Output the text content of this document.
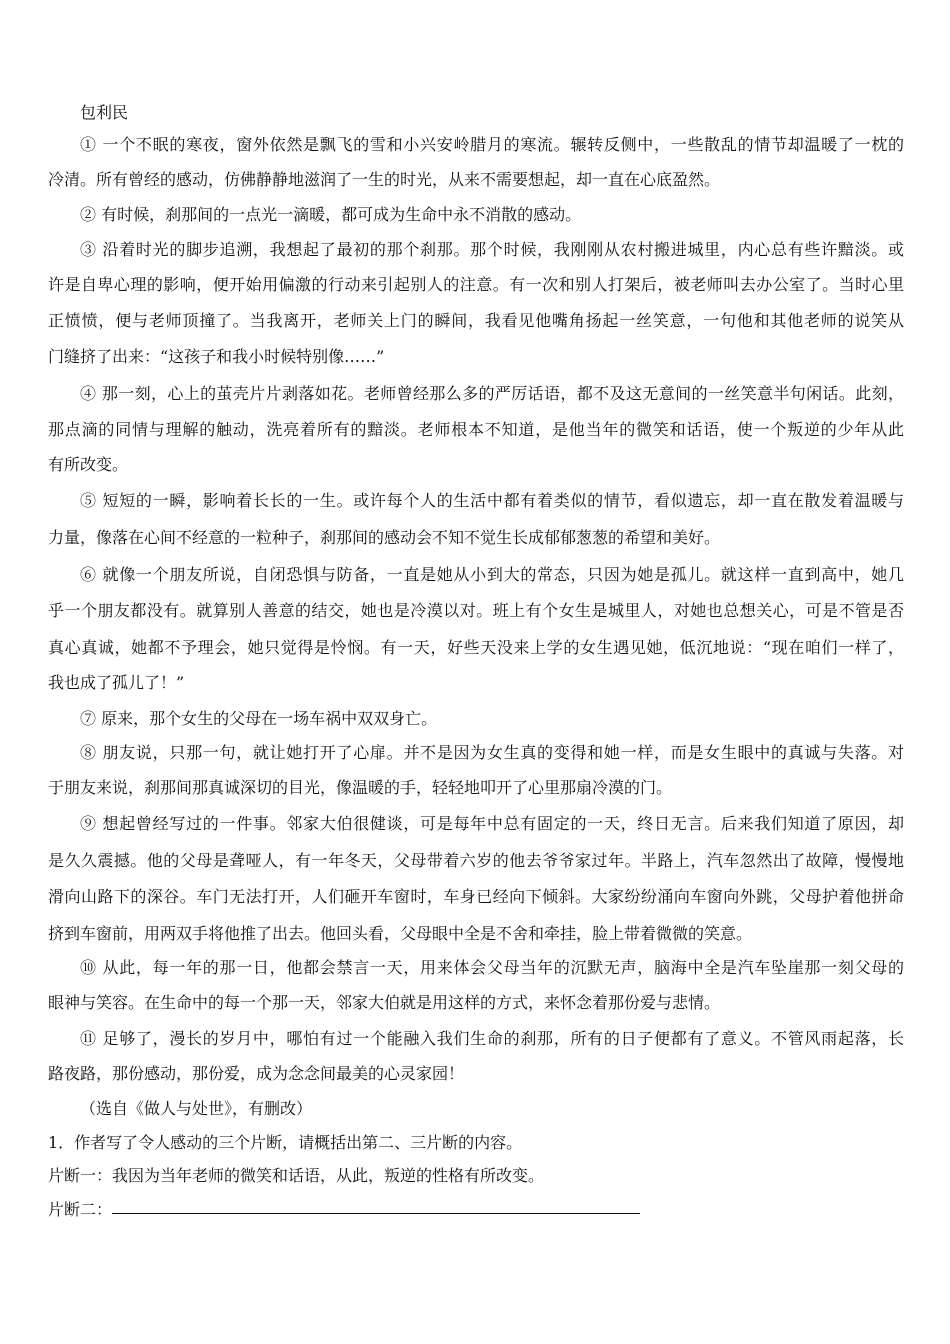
包利民
① 一个不眠的寒夜，窗外依然是飘飞的雪和小兴安岭腊月的寒流。辗转反侧中，一些散乱的情节却温暖了一枕的
冷清。所有曾经的感动，仿佛静静地滋润了一生的时光，从来不需要想起，却一直在心底盈然。
② 有时候，刹那间的一点光一滴暖，都可成为生命中永不消散的感动。
③ 沿着时光的脚步追溯，我想起了最初的那个刹那。那个时候，我刚刚从农村搬进城里，内心总有些许黯淡。或
许是自卑心理的影响，便开始用偏激的行动来引起别人的注意。有一次和别人打架后，被老师叫去办公室了。当时心里
正愤愤，便与老师顶撞了。当我离开，老师关上门的瞬间，我看见他嘴角扬起一丝笑意，一句他和其他老师的说笑从
门缝挤了出来：“这孩子和我小时候特别像……”
④ 那一刻，心上的茧壳片片剥落如花。老师曾经那么多的严厉话语，都不及这无意间的一丝笑意半句闲话。此刻，
那点滴的同情与理解的触动，洗亮着所有的黯淡。老师根本不知道，是他当年的微笑和话语，使一个叛逆的少年从此
有所改变。
⑤ 短短的一瞬，影响着长长的一生。或许每个人的生活中都有着类似的情节，看似遗忘，却一直在散发着温暖与
力量，像落在心间不经意的一粒种子，刹那间的感动会不知不觉生长成郁郁葱葱的希望和美好。
⑥ 就像一个朋友所说，自闭恐惧与防备，一直是她从小到大的常态，只因为她是孤儿。就这样一直到高中，她几
乎一个朋友都没有。就算别人善意的结交，她也是冷漠以对。班上有个女生是城里人，对她也总想关心，可是不管是否
真心真诚，她都不予理会，她只觉得是怜悯。有一天，好些天没来上学的女生遇见她，低沉地说：“现在咱们一样了，
我也成了孤儿了！”
⑦ 原来，那个女生的父母在一场车祸中双双身亡。
⑧ 朋友说，只那一句，就让她打开了心扉。并不是因为女生真的变得和她一样，而是女生眼中的真诚与失落。对
于朋友来说，刹那间那真诚深切的目光，像温暖的手，轻轻地叩开了心里那扇冷漠的门。
⑨ 想起曾经写过的一件事。邻家大伯很健谈，可是每年中总有固定的一天，终日无言。后来我们知道了原因，却
是久久震撼。他的父母是聋哑人，有一年冬天，父母带着六岁的他去爷爷家过年。半路上，汽车忽然出了故障，慢慢地
滑向山路下的深谷。车门无法打开，人们砸开车窗时，车身已经向下倾斜。大家纷纷涌向车窗向外跳，父母护着他拼命
挤到车窗前，用两双手将他推了出去。他回头看，父母眼中全是不舍和牵挂，脸上带着微微的笑意。
⑩ 从此，每一年的那一日，他都会禁言一天，用来体会父母当年的沉默无声，脑海中全是汽车坠崖那一刻父母的
眼神与笑容。在生命中的每一个那一天，邻家大伯就是用这样的方式，来怀念着那份爱与悲情。
⑪ 足够了，漫长的岁月中，哪怕有过一个能融入我们生命的刹那，所有的日子便都有了意义。不管风雨起落，长
路夜路，那份感动，那份爱，成为念念间最美的心灵家园！
（选自《做人与处世》，有删改）
1．作者写了令人感动的三个片断，请概括出第二、三片断的内容。
片断一：我因为当年老师的微笑和话语，从此，叛逆的性格有所改变。
片断二：
